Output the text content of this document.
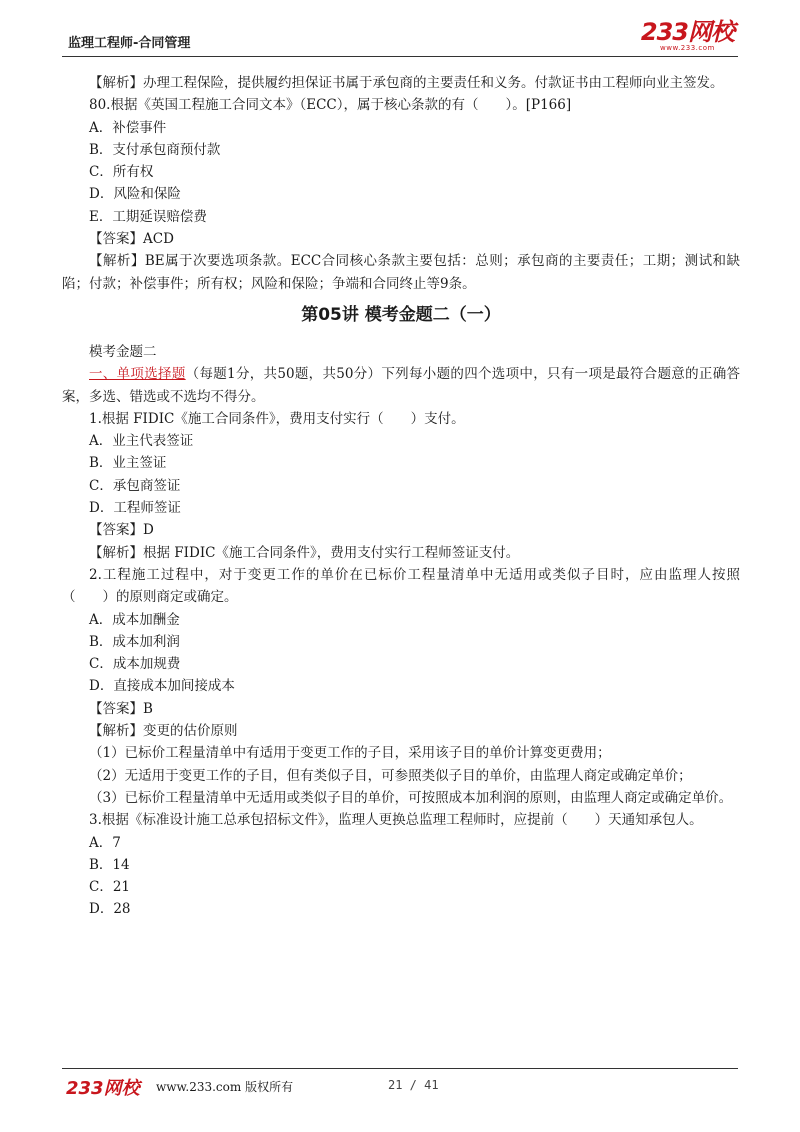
监理工程师-合同管理	233网校
www.233.com
【解析】办理工程保险，提供履约担保证书属于承包商的主要责任和义务。付款证书由工程师向业主签发。
80.根据《英国工程施工合同文本》（ECC），属于核心条款的有（　　）。[P166]
A．补偿事件
B．支付承包商预付款
C．所有权
D．风险和保险
E．工期延误赔偿费
【答案】ACD
【解析】BE属于次要选项条款。ECC合同核心条款主要包括：总则；承包商的主要责任；工期；测试和缺陷；付款；补偿事件；所有权；风险和保险；争端和合同终止等9条。
第05讲 模考金题二（一）
模考金题二
一、单项选择题（每题1分，共50题，共50分）下列每小题的四个选项中，只有一项是最符合题意的正确答案，多选、错选或不选均不得分。
1.根据 FIDIC《施工合同条件》，费用支付实行（　　）支付。
A．业主代表签证
B．业主签证
C．承包商签证
D．工程师签证
【答案】D
【解析】根据 FIDIC《施工合同条件》，费用支付实行工程师签证支付。
2.工程施工过程中，对于变更工作的单价在已标价工程量清单中无适用或类似子目时，应由监理人按照（　　）的原则商定或确定。
A．成本加酬金
B．成本加利润
C．成本加规费
D．直接成本加间接成本
【答案】B
【解析】变更的估价原则
（1）已标价工程量清单中有适用于变更工作的子目，采用该子目的单价计算变更费用；
（2）无适用于变更工作的子目，但有类似子目，可参照类似子目的单价，由监理人商定或确定单价；
（3）已标价工程量清单中无适用或类似子目的单价，可按照成本加利润的原则，由监理人商定或确定单价。
3.根据《标准设计施工总承包招标文件》，监理人更换总监理工程师时，应提前（　　）天通知承包人。
A．7
B．14
C．21
D．28
233网校 www.233.com 版权所有	21 / 41
